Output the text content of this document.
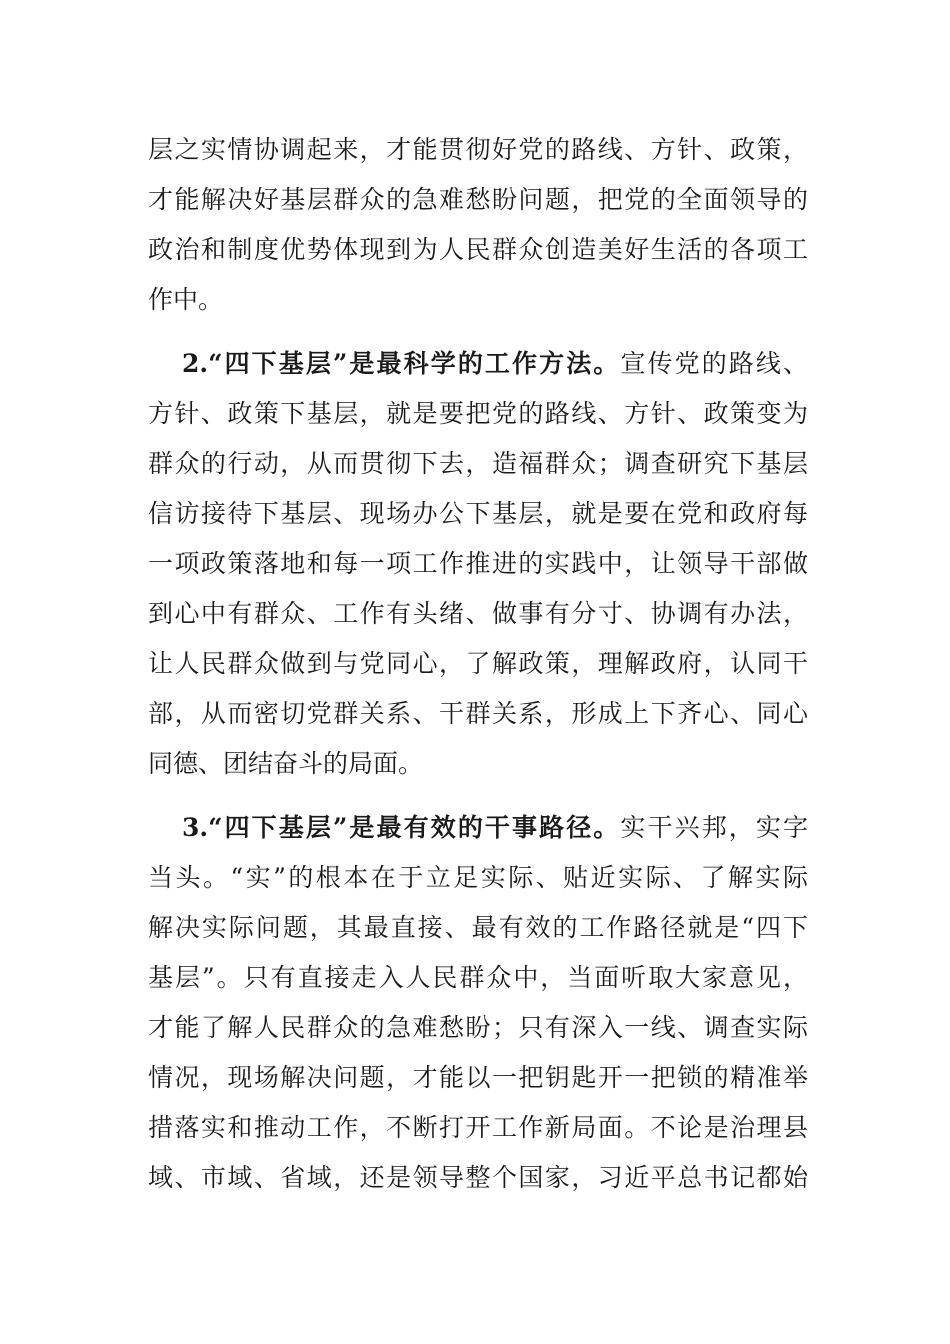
层之实情协调起来，才能贯彻好党的路线、方针、政策，
才能解决好基层群众的急难愁盼问题，把党的全面领导的
政治和制度优势体现到为人民群众创造美好生活的各项工
作中。
2.“四下基层”是最科学的工作方法。宣传党的路线、
方针、政策下基层，就是要把党的路线、方针、政策变为
群众的行动，从而贯彻下去，造福群众；调查研究下基层
信访接待下基层、现场办公下基层，就是要在党和政府每
一项政策落地和每一项工作推进的实践中，让领导干部做
到心中有群众、工作有头绪、做事有分寸、协调有办法，
让人民群众做到与党同心，了解政策，理解政府，认同干
部，从而密切党群关系、干群关系，形成上下齐心、同心
同德、团结奋斗的局面。
3.“四下基层”是最有效的干事路径。实干兴邦，实字
当头。“实”的根本在于立足实际、贴近实际、了解实际
解决实际问题，其最直接、最有效的工作路径就是“四下
基层”。只有直接走入人民群众中，当面听取大家意见，
才能了解人民群众的急难愁盼；只有深入一线、调查实际
情况，现场解决问题，才能以一把钥匙开一把锁的精准举
措落实和推动工作，不断打开工作新局面。不论是治理县
域、市域、省域，还是领导整个国家，习近平总书记都始
